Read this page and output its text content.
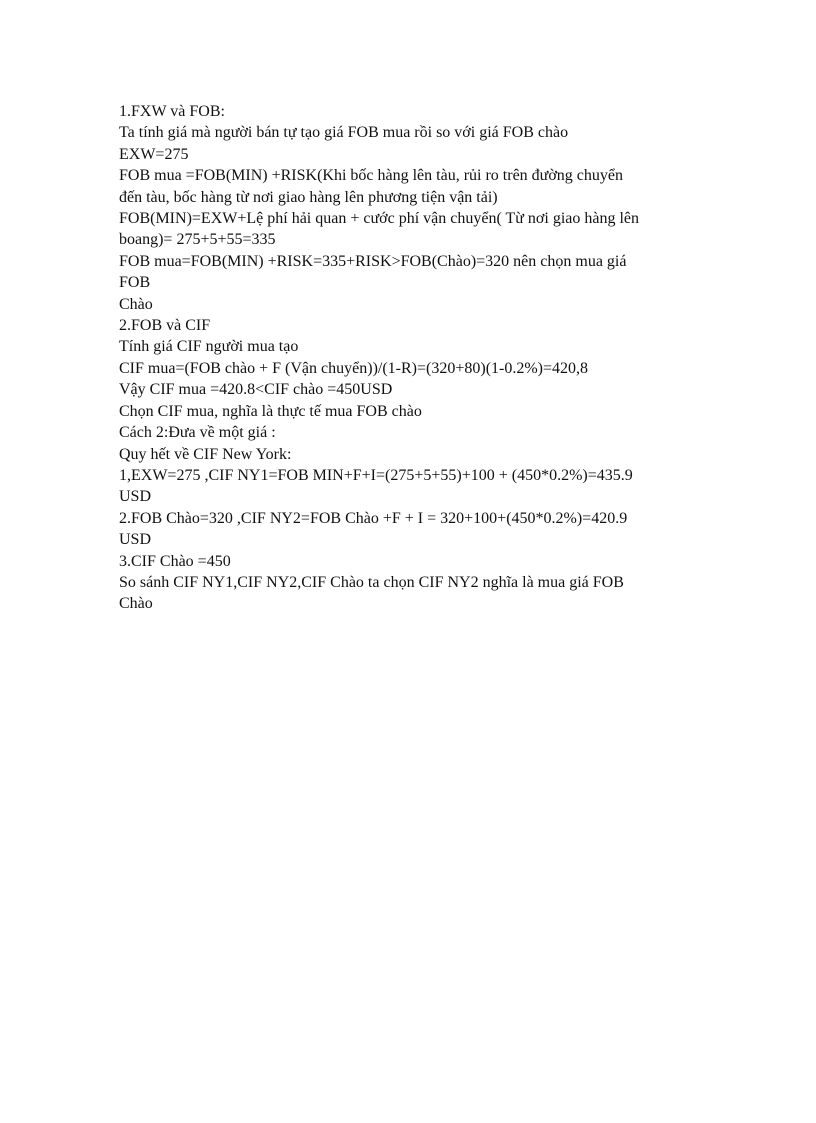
1.FXW và FOB:
Ta tính giá mà người bán tự tạo giá FOB mua rồi so với giá FOB chào
EXW=275
FOB mua =FOB(MIN) +RISK(Khi bốc hàng lên tàu, rủi ro trên đường chuyển
đến tàu, bốc hàng từ nơi giao hàng lên phương tiện vận tải)
FOB(MIN)=EXW+Lệ phí hải quan + cước phí vận chuyển( Từ nơi giao hàng lên
boang)= 275+5+55=335
FOB mua=FOB(MIN) +RISK=335+RISK>FOB(Chào)=320 nên chọn mua giá
FOB
Chào
2.FOB và CIF
Tính giá CIF người mua tạo
CIF mua=(FOB chào + F (Vận chuyển))/(1-R)=(320+80)(1-0.2%)=420,8
Vậy CIF mua =420.8<CIF chào =450USD
Chọn CIF mua, nghĩa là thực tế mua FOB chào
Cách 2:Đưa về một giá :
Quy hết về CIF New York:
1,EXW=275 ,CIF NY1=FOB MIN+F+I=(275+5+55)+100 + (450*0.2%)=435.9
USD
2.FOB Chào=320 ,CIF NY2=FOB Chào +F + I = 320+100+(450*0.2%)=420.9
USD
3.CIF Chào =450
So sánh CIF NY1,CIF NY2,CIF Chào ta chọn CIF NY2 nghĩa là mua giá FOB
Chào
